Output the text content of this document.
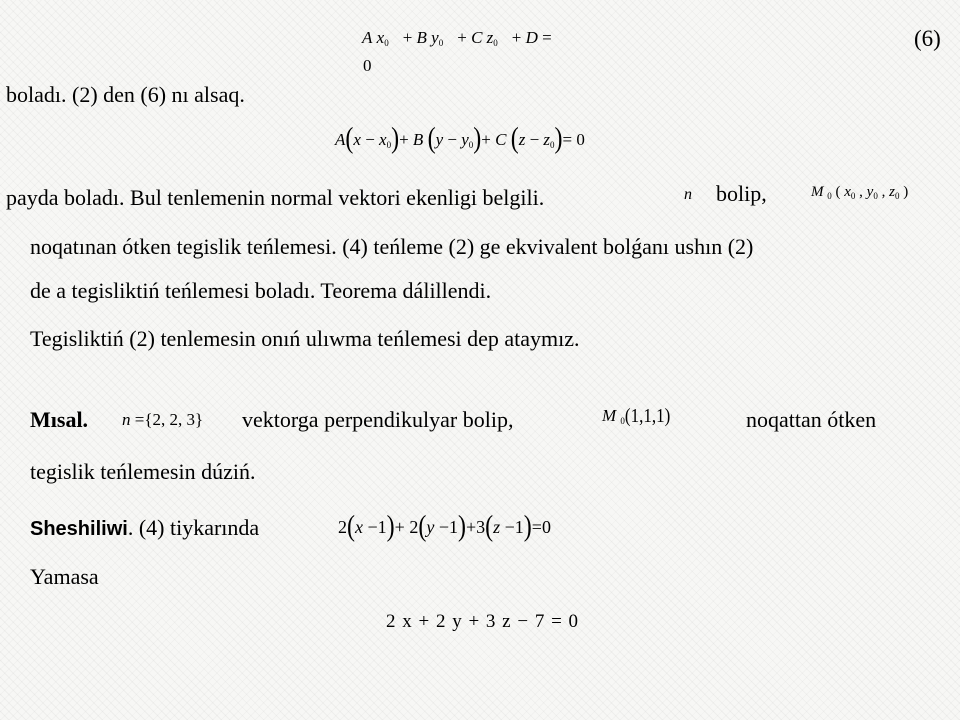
A $x_0 + B$ $y_0 + C$ $z_0 + D$ =
0
(6)
boladı. (2) den (6) nı alsaq.
$A(x - x_0)+ B$ $(y - y_0)+ C$ $(z - z_0)= 0$
payda boladı. Bul tenlemenin normal vektori ekenligi belgili.	n bolip,	M $_0$ ( $x_0$ , $y_0$ , $z_0$ )
noqatınan ótken tegislik teńlemesi. (4) teńleme (2) ge ekvivalent bolǵanı ushın (2)
de a tegisliktiń teńlemesi boladı. Teorema dálillendi.
Tegisliktiń (2) tenlemesin onıń ulıwma teńlemesi dep ataymız.
Mısal. n ={2, 2, 3} vektorga perpendikulyar bolip,	M $_0$(1,1,1)	noqattan ótken
tegislik teńlemesin dúziń.
Sheshiliwi. (4) tiykarında	2(x −1)+ 2(y −1)+3(z −1)=0
Yamasa
2 x + 2 y + 3 z − 7 = 0
